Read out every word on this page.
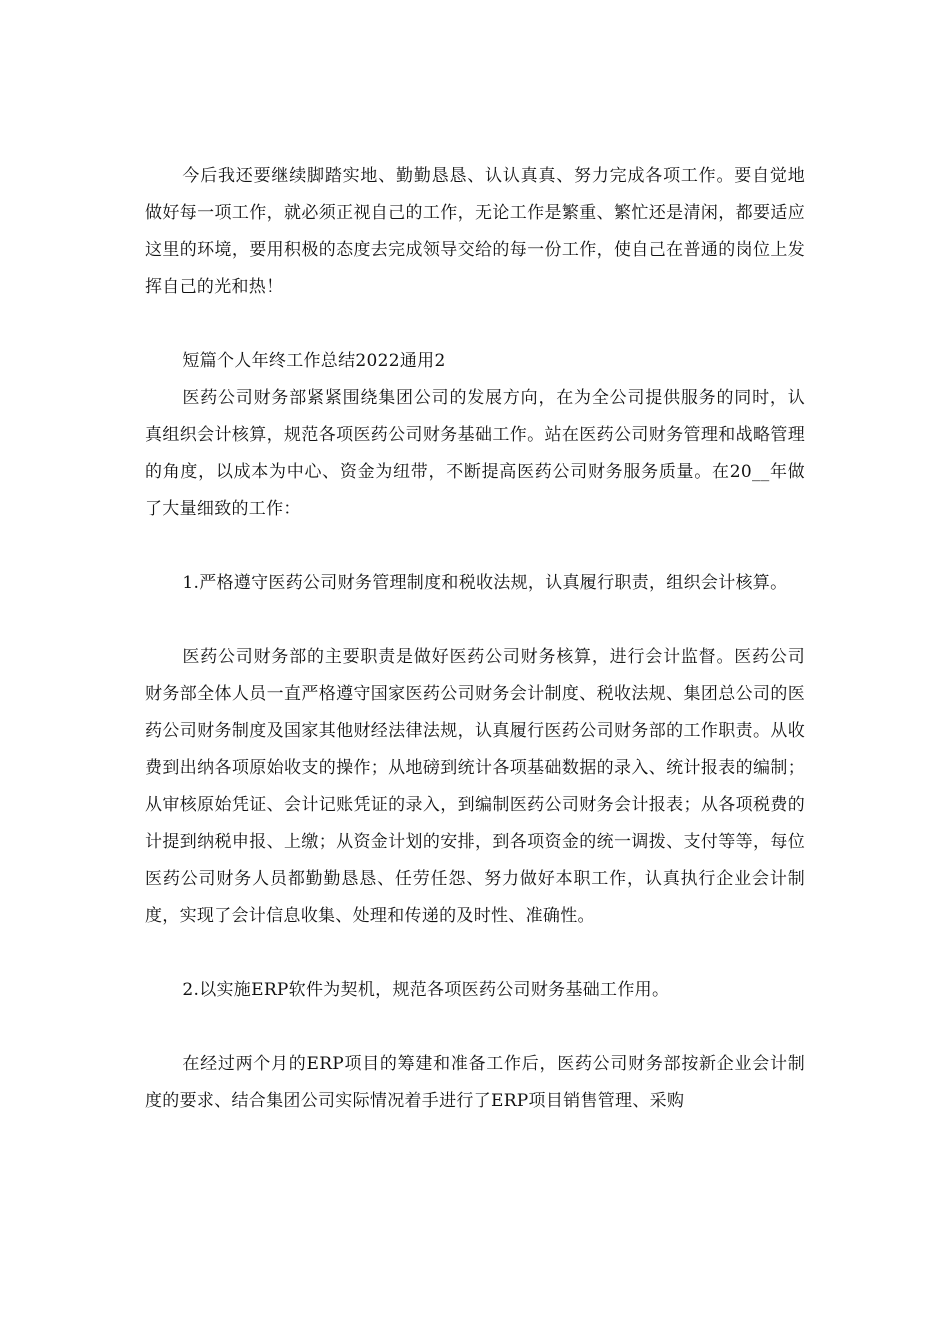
今后我还要继续脚踏实地、勤勤恳恳、认认真真、努力完成各项工作。要自觉地做好每一项工作，就必须正视自己的工作，无论工作是繁重、繁忙还是清闲，都要适应这里的环境，要用积极的态度去完成领导交给的每一份工作，使自己在普通的岗位上发挥自己的光和热！

短篇个人年终工作总结2022通用2

医药公司财务部紧紧围绕集团公司的发展方向，在为全公司提供服务的同时，认真组织会计核算，规范各项医药公司财务基础工作。站在医药公司财务管理和战略管理的角度，以成本为中心、资金为纽带，不断提高医药公司财务服务质量。在20__年做了大量细致的工作：

1.严格遵守医药公司财务管理制度和税收法规，认真履行职责，组织会计核算。

医药公司财务部的主要职责是做好医药公司财务核算，进行会计监督。医药公司财务部全体人员一直严格遵守国家医药公司财务会计制度、税收法规、集团总公司的医药公司财务制度及国家其他财经法律法规，认真履行医药公司财务部的工作职责。从收费到出纳各项原始收支的操作；从地磅到统计各项基础数据的录入、统计报表的编制；从审核原始凭证、会计记账凭证的录入，到编制医药公司财务会计报表；从各项税费的计提到纳税申报、上缴；从资金计划的安排，到各项资金的统一调拨、支付等等，每位医药公司财务人员都勤勤恳恳、任劳任怨、努力做好本职工作，认真执行企业会计制度，实现了会计信息收集、处理和传递的及时性、准确性。

2.以实施ERP软件为契机，规范各项医药公司财务基础工作用。

在经过两个月的ERP项目的筹建和准备工作后，医药公司财务部按新企业会计制度的要求、结合集团公司实际情况着手进行了ERP项目销售管理、采购
